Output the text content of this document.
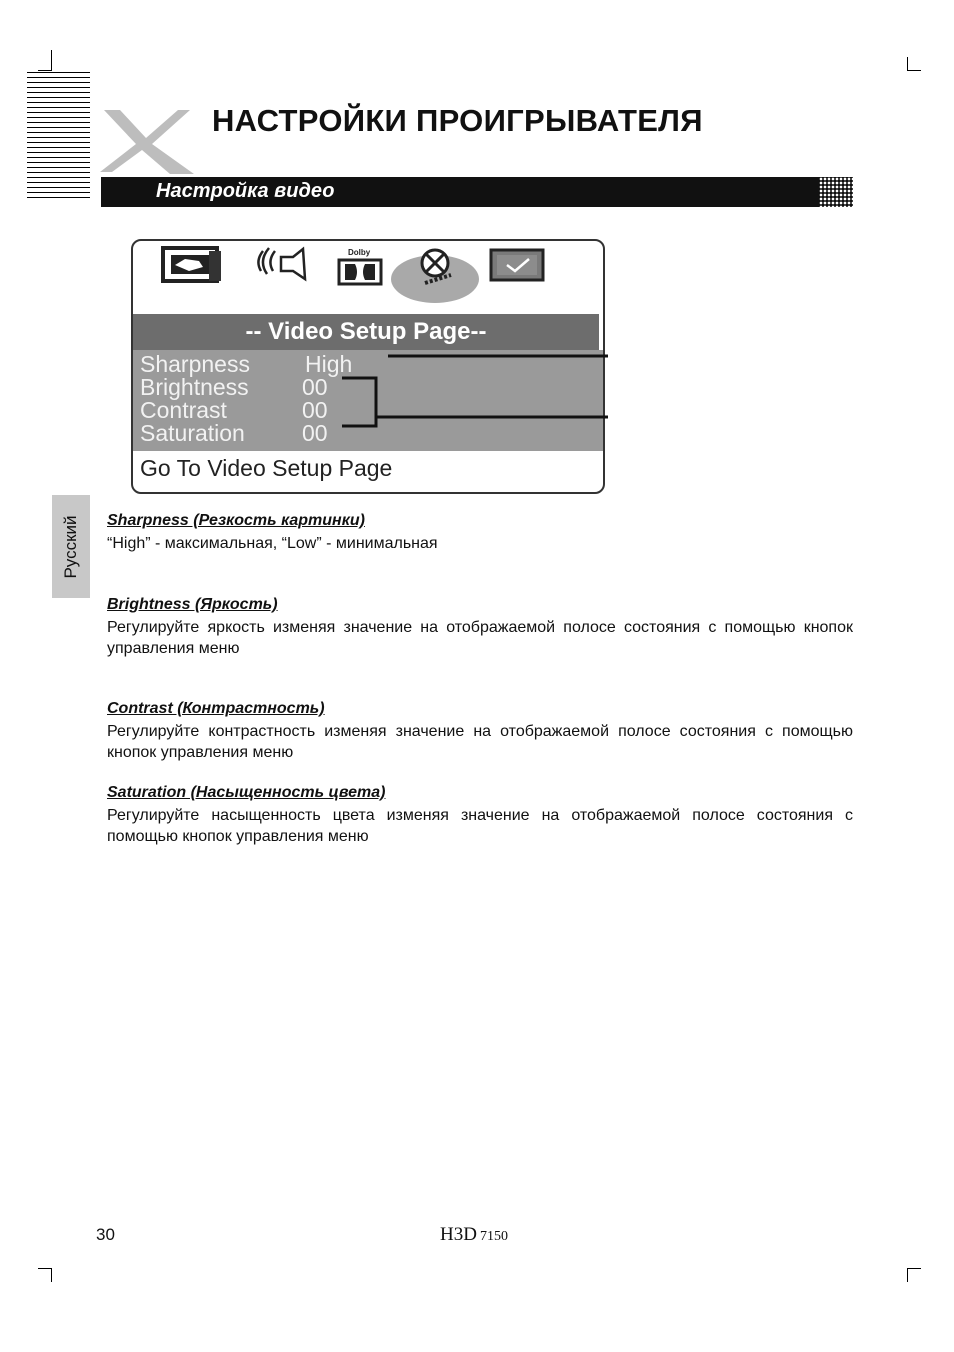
НАСТРОЙКИ ПРОИГРЫВАТЕЛЯ
Настройка видео
Dolby
-- Video Setup Page--
Sharpness High
Brightness 00
Contrast	00
Saturation 00
Go To Video Setup Page
Русский Sharpness (Резкость картинки)
“High” - максимальная, “Low” - минимальная
Brightness (Яркость)
Регулируйте яркость изменяя значение на отображаемой полосе состояния с помощью кнопок управления меню
Contrast (Контрастность)
Регулируйте контрастность изменяя значение на отображаемой полосе состояния с помощью кнопок управления меню
Saturation (Насыщенность цвета)
Регулируйте насыщенность цвета изменяя значение на отображаемой полосе состояния с помощью кнопок управления меню
30	H3D 7150
